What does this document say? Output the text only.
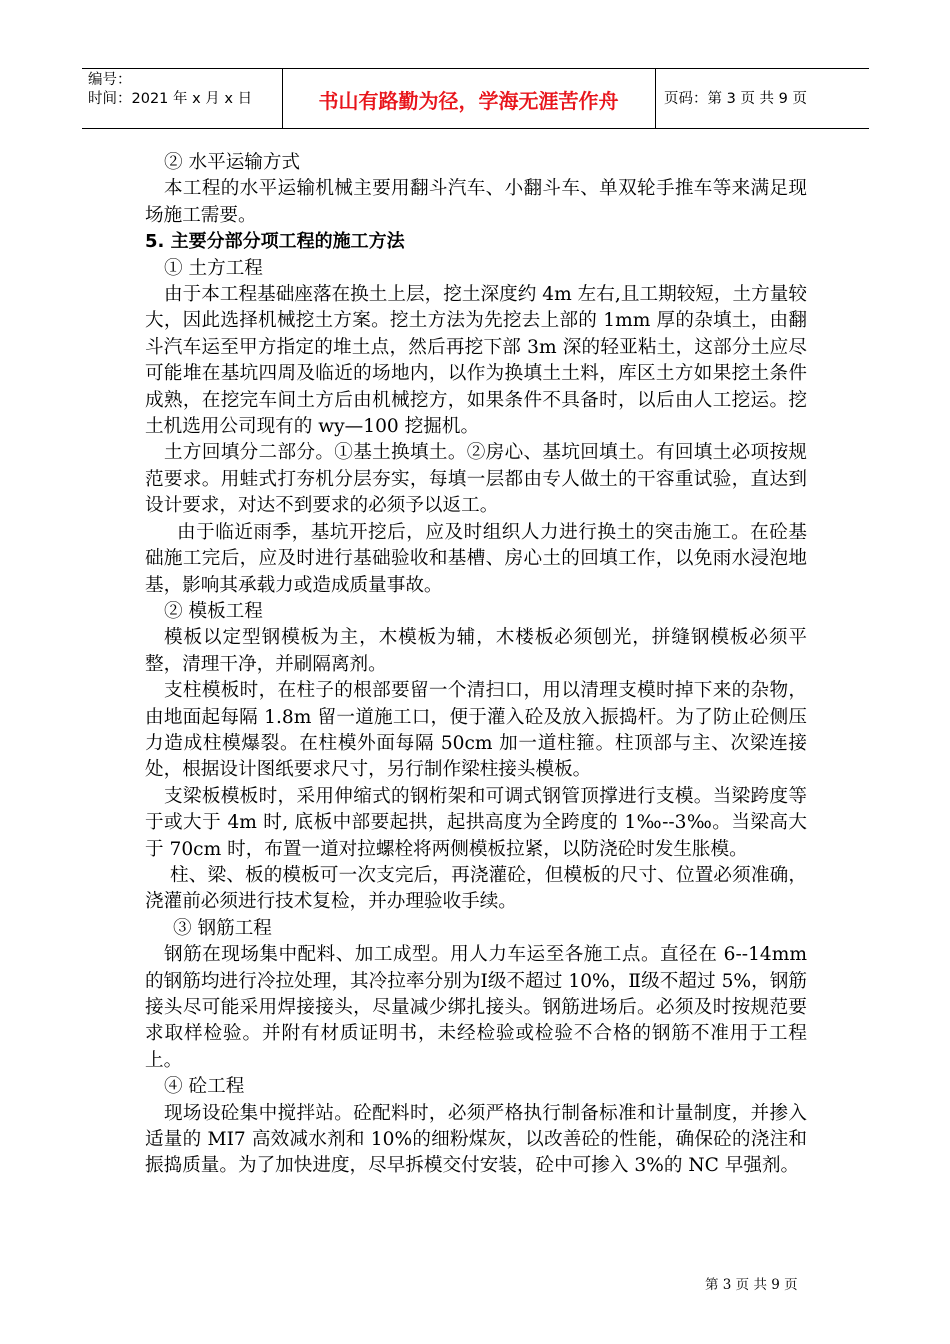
编号：
时间：2021 年 x 月 x 日	书山有路勤为径，学海无涯苦作舟	页码：第 3 页 共 9 页

② 水平运输方式

本工程的水平运输机械主要用翻斗汽车、小翻斗车、单双轮手推车等来满足现场施工需要。

5. 主要分部分项工程的施工方法

① 土方工程

由于本工程基础座落在换土上层，挖土深度约 4m 左右,且工期较短，土方量较大，因此选择机械挖土方案。挖土方法为先挖去上部的 1mm 厚的杂填土，由翻斗汽车运至甲方指定的堆土点，然后再挖下部 3m 深的轻亚粘土，这部分土应尽可能堆在基坑四周及临近的场地内，以作为换填土土料，库区土方如果挖土条件成熟，在挖完车间土方后由机械挖方，如果条件不具备时，以后由人工挖运。挖土机选用公司现有的 wy—100 挖掘机。

土方回填分二部分。①基土换填土。②房心、基坑回填土。有回填土必项按规范要求。用蛙式打夯机分层夯实，每填一层都由专人做土的干容重试验，直达到设计要求，对达不到要求的必须予以返工。

由于临近雨季，基坑开挖后，应及时组织人力进行换土的突击施工。在砼基础施工完后，应及时进行基础验收和基槽、房心土的回填工作，以免雨水浸泡地基，影响其承载力或造成质量事故。

② 模板工程

模板以定型钢模板为主，木模板为辅，木楼板必须刨光，拼缝钢模板必须平整，清理干净，并刷隔离剂。

支柱模板时，在柱子的根部要留一个清扫口，用以清理支模时掉下来的杂物，由地面起每隔 1.8m 留一道施工口，便于灌入砼及放入振捣杆。为了防止砼侧压力造成柱模爆裂。在柱模外面每隔 50cm 加一道柱箍。柱顶部与主、次梁连接处，根据设计图纸要求尺寸，另行制作梁柱接头模板。

支梁板模板时，采用伸缩式的钢桁架和可调式钢管顶撑进行支模。当梁跨度等于或大于 4m 时, 底板中部要起拱，起拱高度为全跨度的 1‰--3‰。当梁高大于 70cm 时，布置一道对拉螺栓将两侧模板拉紧，以防浇砼时发生胀模。

柱、梁、板的模板可一次支完后，再浇灌砼，但模板的尺寸、位置必须准确，浇灌前必须进行技术复检，并办理验收手续。

③ 钢筋工程

钢筋在现场集中配料、加工成型。用人力车运至各施工点。直径在 6--14mm 的钢筋均进行冷拉处理，其冷拉率分别为Ⅰ级不超过 10%，Ⅱ级不超过 5%，钢筋接头尽可能采用焊接接头，尽量减少绑扎接头。钢筋进场后。必须及时按规范要求取样检验。并附有材质证明书，未经检验或检验不合格的钢筋不准用于工程上。

④ 砼工程

现场设砼集中搅拌站。砼配料时，必须严格执行制备标准和计量制度，并掺入适量的 MI7 高效减水剂和 10%的细粉煤灰，以改善砼的性能，确保砼的浇注和振捣质量。为了加快进度，尽早拆模交付安装，砼中可掺入 3%的 NC 早强剂。

第 3 页 共 9 页
